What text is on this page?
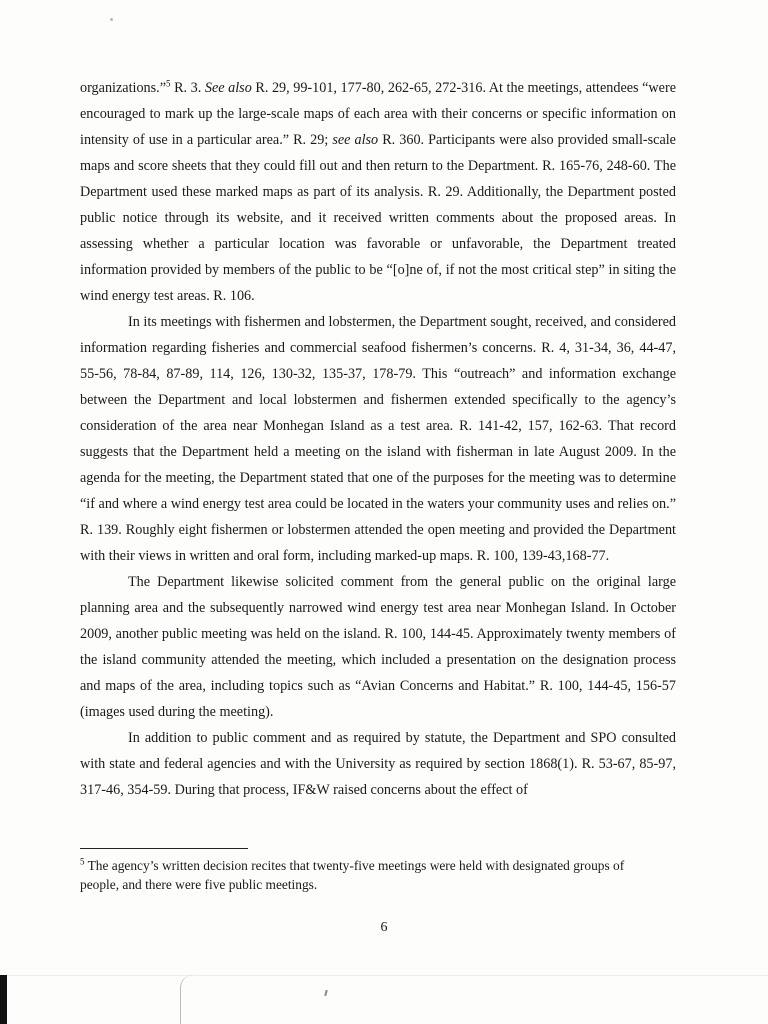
organizations.”$^5$ R. 3. See also R. 29, 99-101, 177-80, 262-65, 272-316. At the meetings, attendees “were encouraged to mark up the large-scale maps of each area with their concerns or specific information on intensity of use in a particular area.” R. 29; see also R. 360. Participants were also provided small-scale maps and score sheets that they could fill out and then return to the Department. R. 165-76, 248-60. The Department used these marked maps as part of its analysis. R. 29. Additionally, the Department posted public notice through its website, and it received written comments about the proposed areas. In assessing whether a particular location was favorable or unfavorable, the Department treated information provided by members of the public to be “[o]ne of, if not the most critical step” in siting the wind energy test areas. R. 106.

In its meetings with fishermen and lobstermen, the Department sought, received, and considered information regarding fisheries and commercial seafood fishermen’s concerns. R. 4, 31-34, 36, 44-47, 55-56, 78-84, 87-89, 114, 126, 130-32, 135-37, 178-79. This “outreach” and information exchange between the Department and local lobstermen and fishermen extended specifically to the agency’s consideration of the area near Monhegan Island as a test area. R. 141-42, 157, 162-63. That record suggests that the Department held a meeting on the island with fisherman in late August 2009. In the agenda for the meeting, the Department stated that one of the purposes for the meeting was to determine “if and where a wind energy test area could be located in the waters your community uses and relies on.” R. 139. Roughly eight fishermen or lobstermen attended the open meeting and provided the Department with their views in written and oral form, including marked-up maps. R. 100, 139-43,168-77.

The Department likewise solicited comment from the general public on the original large planning area and the subsequently narrowed wind energy test area near Monhegan Island. In October 2009, another public meeting was held on the island. R. 100, 144-45. Approximately twenty members of the island community attended the meeting, which included a presentation on the designation process and maps of the area, including topics such as “Avian Concerns and Habitat.” R. 100, 144-45, 156-57 (images used during the meeting).

In addition to public comment and as required by statute, the Department and SPO consulted with state and federal agencies and with the University as required by section 1868(1). R. 53-67, 85-97, 317-46, 354-59. During that process, IF&W raised concerns about the effect of

$^5$ The agency’s written decision recites that twenty-five meetings were held with designated groups of people, and there were five public meetings.
6
